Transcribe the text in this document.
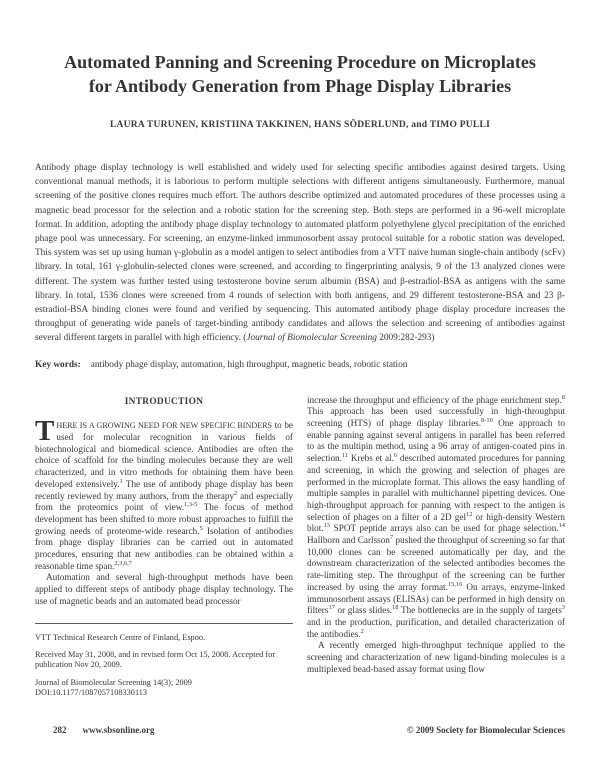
Automated Panning and Screening Procedure on Microplates
for Antibody Generation from Phage Display Libraries
LAURA TURUNEN, KRISTIINA TAKKINEN, HANS SÖDERLUND, and TIMO PULLI
Antibody phage display technology is well established and widely used for selecting specific antibodies against desired targets. Using conventional manual methods, it is laborious to perform multiple selections with different antigens simultaneously. Furthermore, manual screening of the positive clones requires much effort. The authors describe optimized and automated procedures of these processes using a magnetic bead processor for the selection and a robotic station for the screening step. Both steps are performed in a 96-well microplate format. In addition, adopting the antibody phage display technology to automated platform polyethylene glycol precipitation of the enriched phage pool was unnecessary. For screening, an enzyme-linked immunosorbent assay protocol suitable for a robotic station was developed. This system was set up using human γ-globulin as a model antigen to select antibodies from a VTT naive human single-chain antibody (scFv) library. In total, 161 γ-globulin-selected clones were screened, and according to fingerprinting analysis, 9 of the 13 analyzed clones were different. The system was further tested using testosterone bovine serum albumin (BSA) and β-estradiol-BSA as antigens with the same library. In total, 1536 clones were screened from 4 rounds of selection with both antigens, and 29 different testosterone-BSA and 23 β-estradiol-BSA binding clones were found and verified by sequencing. This automated antibody phage display procedure increases the throughput of generating wide panels of target-binding antibody candidates and allows the selection and screening of antibodies against several different targets in parallel with high efficiency. (Journal of Biomolecular Screening 2009:282-293)
Key words: antibody phage display, automation, high throughput, magnetic beads, robotic station
INTRODUCTION

THERE IS A GROWING NEED FOR NEW SPECIFIC BINDERS to be used for molecular recognition in various fields of biotechnological and biomedical science. Antibodies are often the choice of scaffold for the binding molecules because they are well characterized, and in vitro methods for obtaining them have been developed extensively.$^1$ The use of antibody phage display has been recently reviewed by many authors, from the therapy$^2$ and especially from the proteomics point of view.$^{1,3-5}$ The focus of method development has been shifted to more robust approaches to fulfill the growing needs of proteome-wide research.$^5$ Isolation of antibodies from phage display libraries can be carried out in automated procedures, ensuring that new antibodies can be obtained within a reasonable time span.$^{2,3,6,7}$

Automation and several high-throughput methods have been applied to different steps of antibody phage display technology. The use of magnetic beads and an automated bead processor

VTT Technical Research Centre of Finland, Espoo.
Received May 31, 2008, and in revised form Oct 15, 2008. Accepted for publication Nov 20, 2009.
Journal of Biomolecular Screening 14(3); 2009
DOI:10.1177/1087057108330113

increase the throughput and efficiency of the phage enrichment step.$^8$ This approach has been used successfully in high-throughput screening (HTS) of phage display libraries.$^{8-10}$ One approach to enable panning against several antigens in parallel has been referred to as the multipin method, using a 96 array of antigen-coated pins in selection.$^{11}$ Krebs et al.$^6$ described automated procedures for panning and screening, in which the growing and selection of phages are performed in the microplate format. This allows the easy handling of multiple samples in parallel with multichannel pipetting devices. One high-throughput approach for panning with respect to the antigen is selection of phages on a filter of a 2D gel$^{12}$ or high-density Western blot.$^{13}$ SPOT peptide arrays also can be used for phage selection.$^{14}$ Hallborn and Carlsson$^7$ pushed the throughput of screening so far that 10,000 clones can be screened automatically per day, and the downstream characterization of the selected antibodies becomes the rate-limiting step. The throughput of the screening can be further increased by using the array format.$^{15,16}$ On arrays, enzyme-linked immunosorbent assays (ELISAs) can be performed in high density on filters$^{17}$ or glass slides.$^{18}$ The bottlenecks are in the supply of targets$^3$ and in the production, purification, and detailed characterization of the antibodies.$^2$

A recently emerged high-throughput technique applied to the screening and characterization of new ligand-binding molecules is a multiplexed bead-based assay format using flow

282 www.sbsonline.org	© 2009 Society for Biomolecular Sciences
